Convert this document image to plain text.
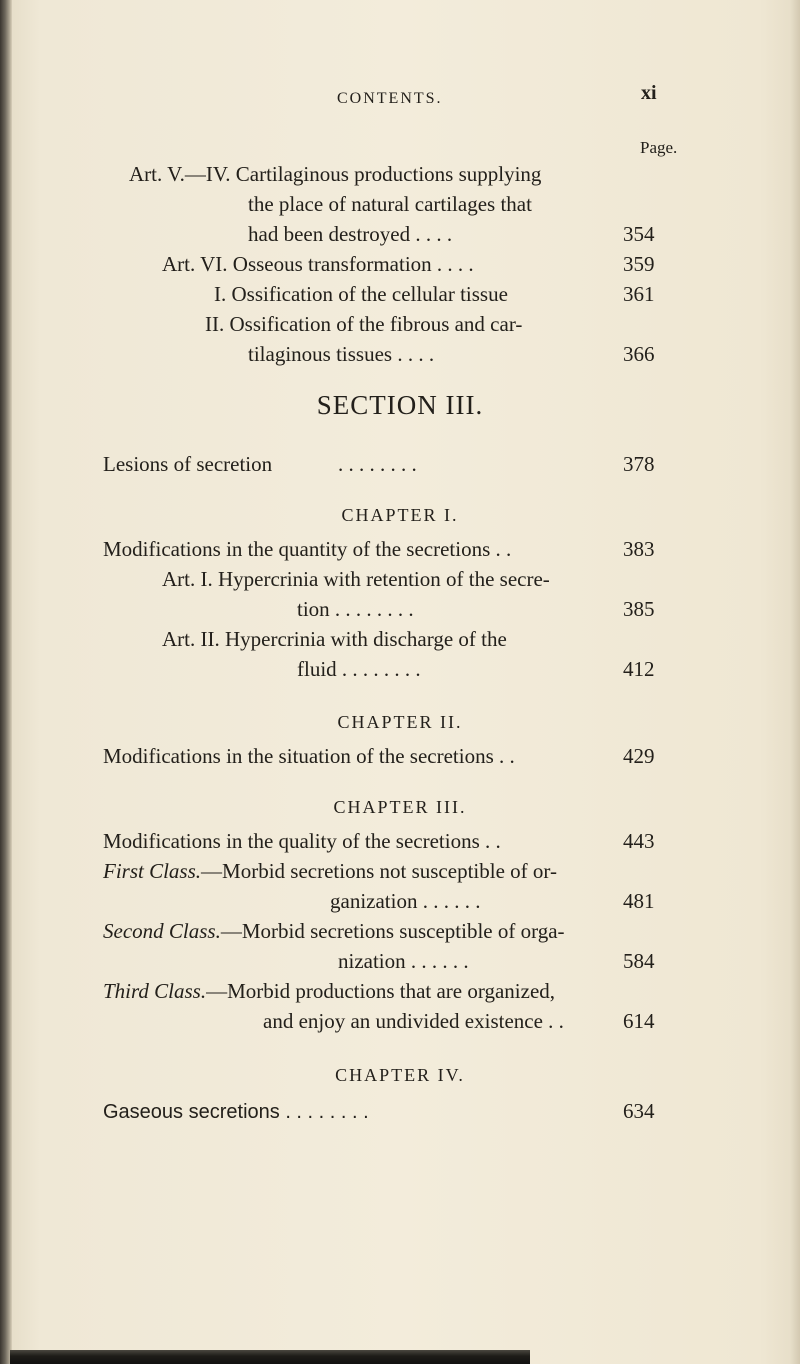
CONTENTS.	xi
Page.
Art. V.—IV. Cartilaginous productions supplying
the place of natural cartilages that
had been destroyed . . . .	354
Art. VI. Osseous transformation . . . .	359
I. Ossification of the cellular tissue	361
II. Ossification of the fibrous and car-
tilaginous tissues . . . .	366
SECTION III.
Lesions of secretion	. . . . . . . .	378
CHAPTER I.
Modifications in the quantity of the secretions . .	383
Art. I. Hypercrinia with retention of the secre-
tion . . . . . . . .	385
Art. II. Hypercrinia with discharge of the
fluid . . . . . . . .	412
CHAPTER II.
Modifications in the situation of the secretions . .	429
CHAPTER III.
Modifications in the quality of the secretions . .	443
First Class.—Morbid secretions not susceptible of or-
ganization . . . . . .	481
Second Class.—Morbid secretions susceptible of orga-
nization . . . . . .	584
Third Class.—Morbid productions that are organized,
and enjoy an undivided existence . .	614
CHAPTER IV.
Gaseous secretions . . . . . . . .	634
